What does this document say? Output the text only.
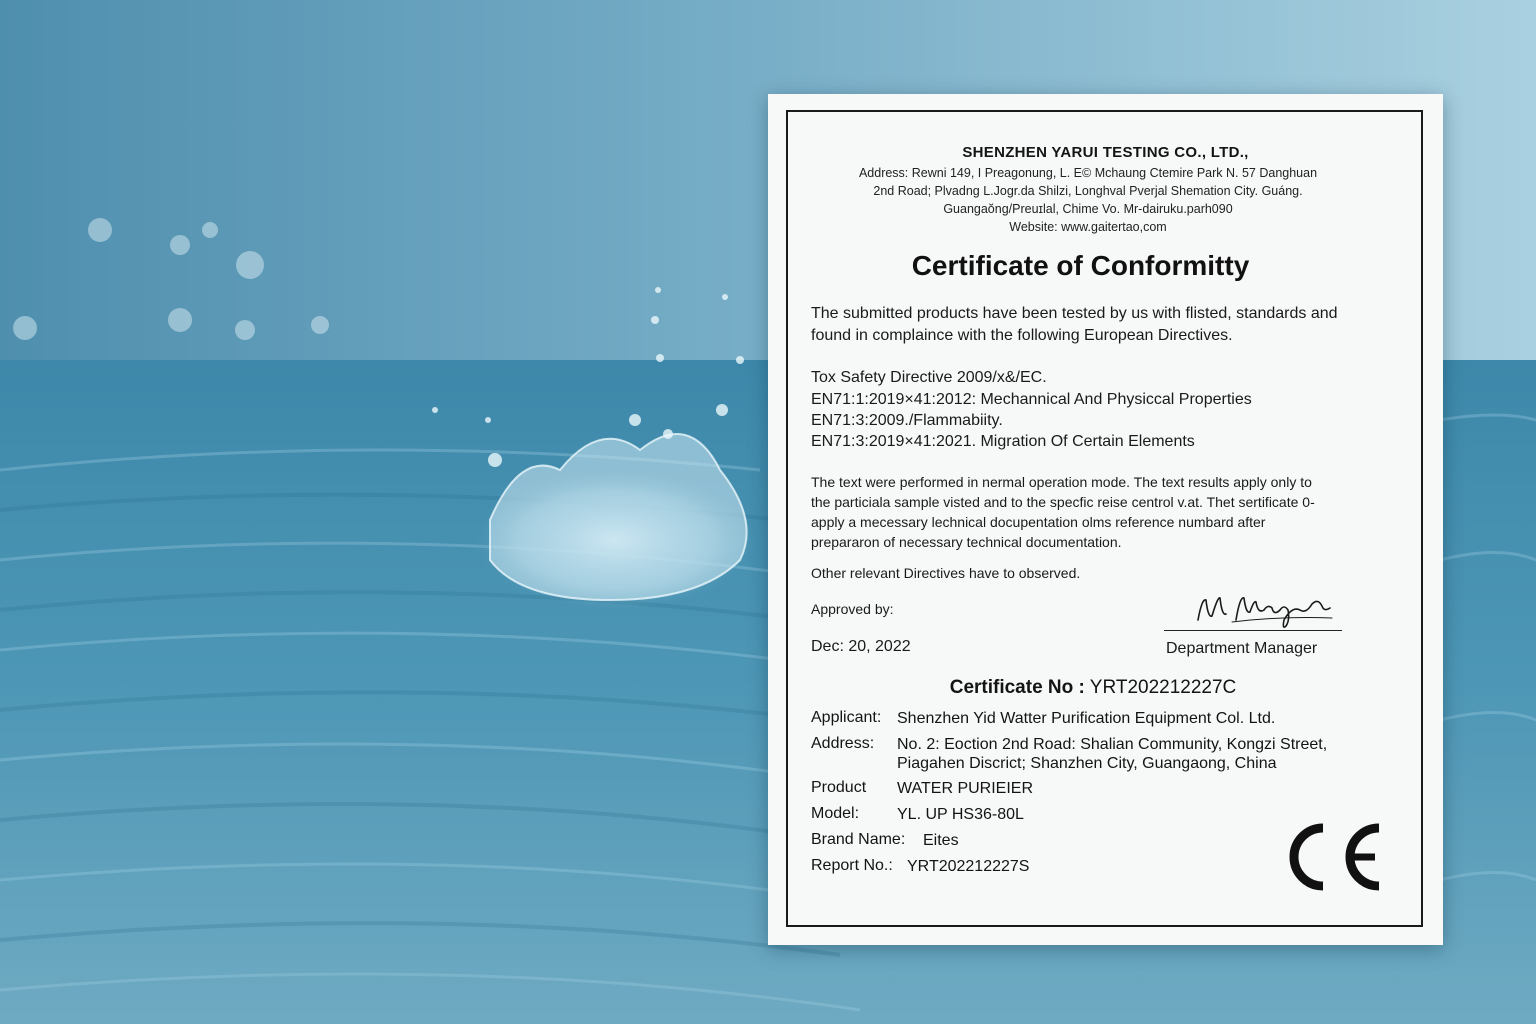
SHENZHEN YARUI TESTING CO., LTD.,
Address: Rewni 149, I Preagonung, L. E© Mchaung Ctemire Park N. 57 Danghuan
2nd Road; Plvadng L.Jogr.da Shilzi, Longhval Pverjal Shemation City. Guáng.
Guangaŏng/Preuɪlal, Chime Vo. Mr-dairuku.parh090
Website: www.gaitertao,com
Certificate of Conformitty
The submitted products have been tested by us with flisted, standards and
found in complaince with the following European Directives.
Tox Safety Directive 2009/x&/EC.
EN71:1:2019×41:2012: Mechannical And Physiccal Properties
EN71:3:2009./Flammabiity.
EN71:3:2019×41:2021. Migration Of Certain Elements
The text were performed in nermal operation mode. The text results apply only to
the particiala sample visted and to the specfic reise centrol v.at. Thet sertificate 0-
apply a mecessary lechnical docupentation olms reference numbard after
prepararon of necessary technical documentation.
Other relevant Directives have to observed.
Approved by:
Dec: 20, 2022	Department Manager
Certificate No : YRT202212227C
Applicant: Shenzhen Yid Watter Purification Equipment Col. Ltd.
Address: No. 2: Eoction 2nd Road: Shalian Community, Kongzi Street,
Piagahen Discrict; Shanzhen City, Guangaong, China
Product WATER PURIEIER
Model: YL. UP HS36-80L
Brand Name: Eites
Report No.: YRT202212227S
